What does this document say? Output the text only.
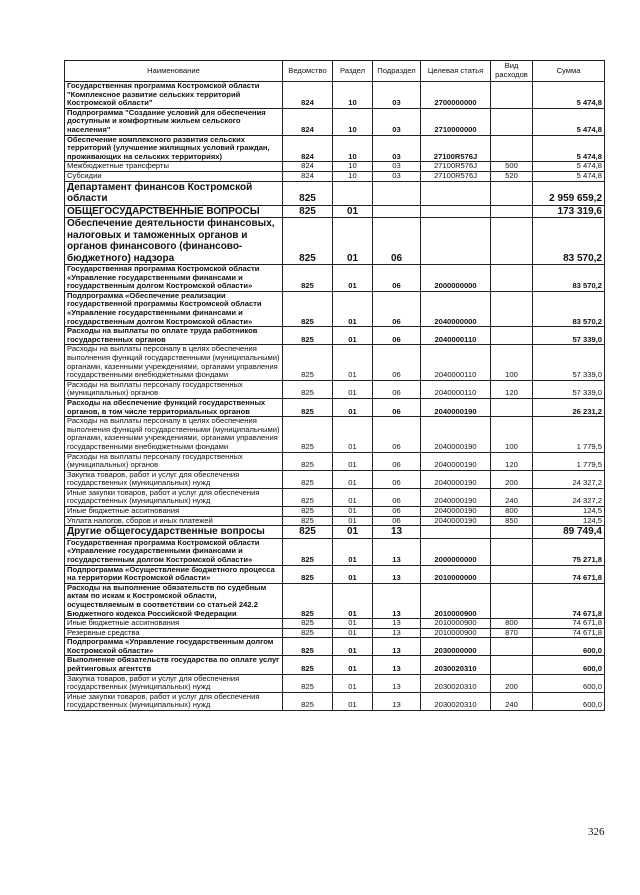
Наименование	Ведомство	Раздел	Подраздел	Целевая статья	Вид расходов	Сумма
Государственная программа Костромской области "Комплексное развитие сельских территорий Костромской области"	824	10	03	2700000000		5 474,8
Подпрограмма "Создание условий для обеспечения доступным и комфортным жильем сельского населения"	824	10	03	2710000000		5 474,8
Обеспечение комплексного развития сельских территорий (улучшение жилищных условий граждан, проживающих на сельских территориях)	824	10	03	27100R576J		5 474,8
Межбюджетные трансферты	824	10	03	27100R576J	500	5 474,8
Субсидии	824	10	03	27100R576J	520	5 474,8
Департамент финансов Костромской области	825					2 959 659,2
ОБЩЕГОСУДАРСТВЕННЫЕ ВОПРОСЫ	825	01				173 319,6
Обеспечение деятельности финансовых, налоговых и таможенных органов и органов финансового (финансово-бюджетного) надзора	825	01	06			83 570,2
Государственная программа Костромской области «Управление государственными финансами и государственным долгом Костромской области»	825	01	06	2000000000		83 570,2
Подпрограмма «Обеспечение реализации государственной программы Костромской области «Управление государственными финансами и государственным долгом Костромской области»	825	01	06	2040000000		83 570,2
Расходы на выплаты по оплате труда работников государственных органов	825	01	06	2040000110		57 339,0
Расходы на выплаты персоналу в целях обеспечения выполнения функций государственными (муниципальными) органами, казенными учреждениями, органами управления государственными внебюджетными фондами	825	01	06	2040000110	100	57 339,0
Расходы на выплаты персоналу государственных (муниципальных) органов	825	01	06	2040000110	120	57 339,0
Расходы на обеспечение функций государственных органов, в том числе территориальных органов	825	01	06	2040000190		26 231,2
Расходы на выплаты персоналу в целях обеспечения выполнения функций государственными (муниципальными) органами, казенными учреждениями, органами управления государственными внебюджетными фондами	825	01	06	2040000190	100	1 779,5
Расходы на выплаты персоналу государственных (муниципальных) органов	825	01	06	2040000190	120	1 779,5
Закупка товаров, работ и услуг для обеспечения государственных (муниципальных) нужд	825	01	06	2040000190	200	24 327,2
Иные закупки товаров, работ и услуг для обеспечения государственных (муниципальных) нужд	825	01	06	2040000190	240	24 327,2
Иные бюджетные ассигнования	825	01	06	2040000190	800	124,5
Уплата налогов, сборов и иных платежей	825	01	06	2040000190	850	124,5
Другие общегосударственные вопросы	825	01	13			89 749,4
Государственная программа Костромской области «Управление государственными финансами и государственным долгом Костромской области»	825	01	13	2000000000		75 271,8
Подпрограмма «Осуществление бюджетного процесса на территории Костромской области»	825	01	13	2010000000		74 671,8
Расходы на выполнение обязательств по судебным актам по искам к Костромской области, осуществляемым в соответствии со статьей 242.2 Бюджетного кодекса Российской Федерации	825	01	13	2010000900		74 671,8
Иные бюджетные ассигнования	825	01	13	2010000900	800	74 671,8
Резервные средства	825	01	13	2010000900	870	74 671,8
Подпрограмма «Управление государственным долгом Костромской области»	825	01	13	2030000000		600,0
Выполнение обязательств государства по оплате услуг рейтинговых агентств	825	01	13	2030020310		600,0
Закупка товаров, работ и услуг для обеспечения государственных (муниципальных) нужд	825	01	13	2030020310	200	600,0
Иные закупки товаров, работ и услуг для обеспечения государственных (муниципальных) нужд	825	01	13	2030020310	240	600,0
326
